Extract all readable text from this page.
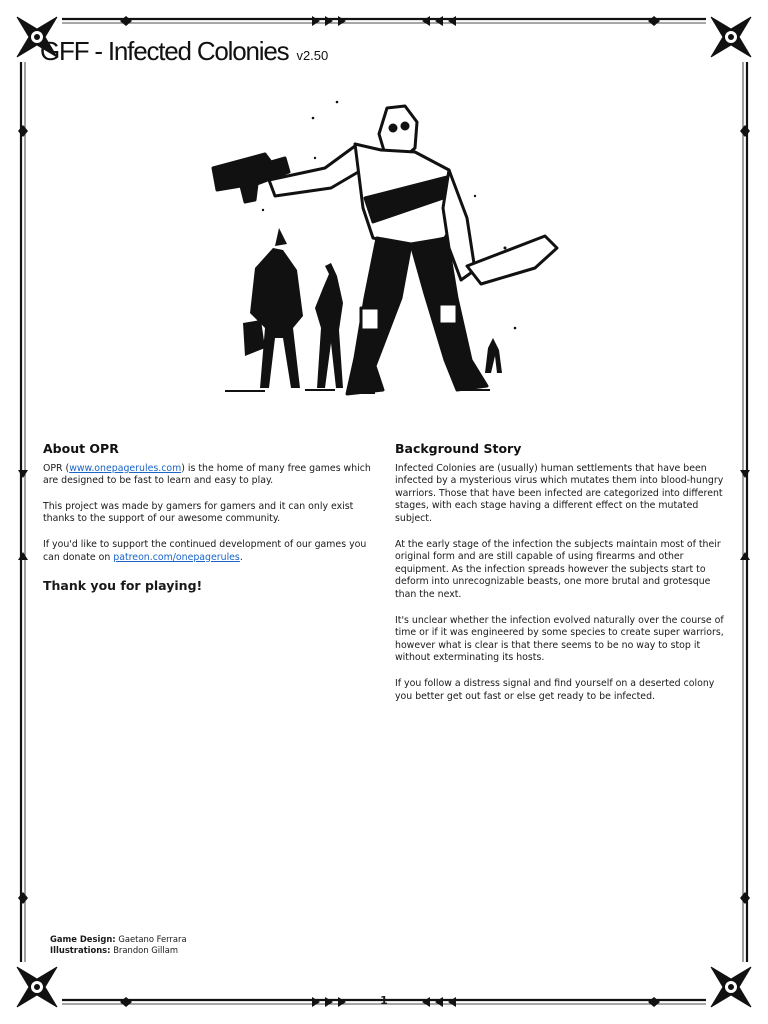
GFF - Infected Colonies v2.50
About OPR

OPR (www.onepagerules.com) is the home of many free games which are designed to be fast to learn and easy to play.

This project was made by gamers for gamers and it can only exist thanks to the support of our awesome community.

If you'd like to support the continued development of our games you can donate on patreon.com/onepagerules.

Thank you for playing!

Background Story

Infected Colonies are (usually) human settlements that have been infected by a mysterious virus which mutates them into blood-hungry warriors. Those that have been infected are categorized into different stages, with each stage having a different effect on the mutated subject.

At the early stage of the infection the subjects maintain most of their original form and are still capable of using firearms and other equipment. As the infection spreads however the subjects start to deform into unrecognizable beasts, one more brutal and grotesque than the next.

It's unclear whether the infection evolved naturally over the course of time or if it was engineered by some species to create super warriors, however what is clear is that there seems to be no way to stop it without exterminating its hosts.

If you follow a distress signal and find yourself on a deserted colony you better get out fast or else get ready to be infected.

Game Design: Gaetano Ferrara
Illustrations: Brandon Gillam
1
